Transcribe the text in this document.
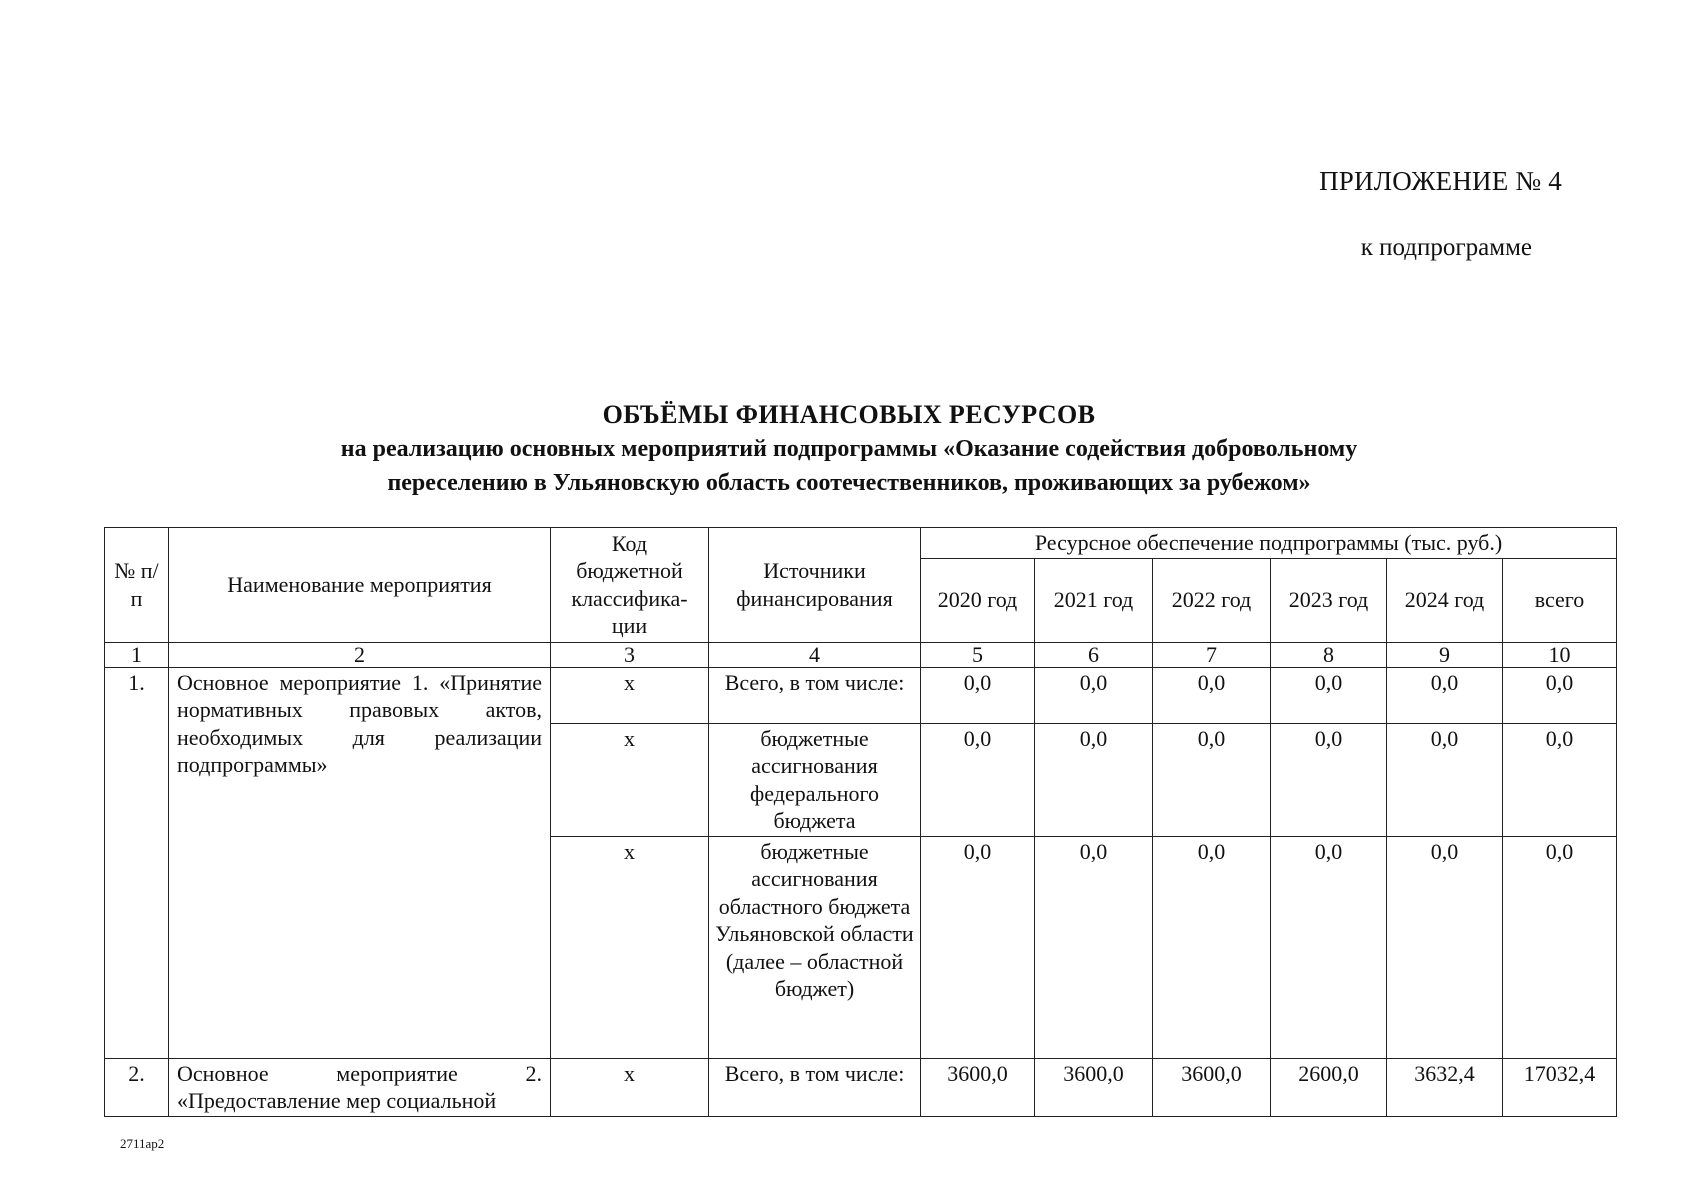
ПРИЛОЖЕНИЕ № 4
к подпрограмме
ОБЪЁМЫ ФИНАНСОВЫХ РЕСУРСОВ
на реализацию основных мероприятий подпрограммы «Оказание содействия добровольному
переселению в Ульяновскую область соотечественников, проживающих за рубежом»
№ п/п	Наименование мероприятия	Код бюджетной классифика-ции	Источники финансирования	Ресурсное обеспечение подпрограммы (тыс. руб.)					
				2020 год	2021 год	2022 год	2023 год	2024 год	всего
1	2	3	4	5	6	7	8	9	10
1.	Основное мероприятие 1. «Принятие нормативных правовых актов, необходимых для реализации подпрограммы»	х	Всего, в том числе:	0,0	0,0	0,0	0,0	0,0	0,0
		х	бюджетные ассигнования федерального бюджета	0,0	0,0	0,0	0,0	0,0	0,0
		х	бюджетные ассигнования областного бюджета Ульяновской области (далее – областной бюджет)	0,0	0,0	0,0	0,0	0,0	0,0
2.	Основное мероприятие 2. «Предоставление мер социальной	х	Всего, в том числе:	3600,0	3600,0	3600,0	2600,0	3632,4	17032,4
2711ap2
